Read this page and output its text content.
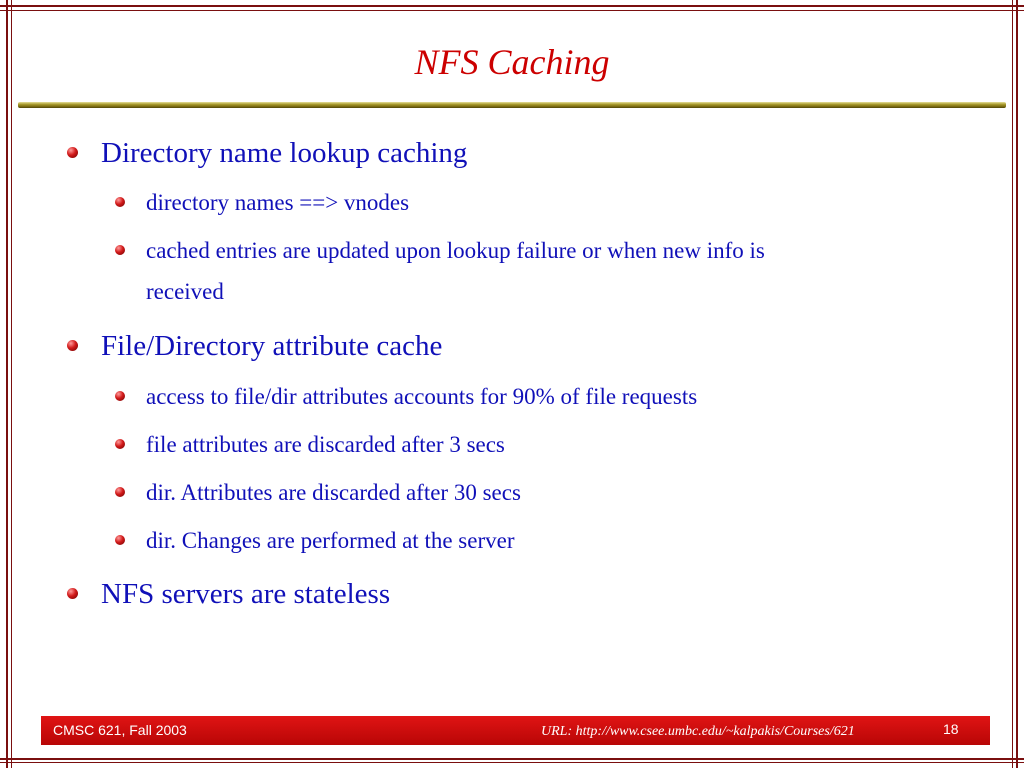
NFS Caching
Directory name lookup caching
directory names ==> vnodes
cached entries are updated upon lookup failure or when new info is
received
File/Directory attribute cache
access to file/dir attributes accounts for 90% of file requests
file attributes are discarded after 3 secs
dir. Attributes are discarded after 30 secs
dir. Changes are performed at the server
NFS servers are stateless
CMSC 621, Fall 2003	URL: http://www.csee.umbc.edu/~kalpakis/Courses/621	18
